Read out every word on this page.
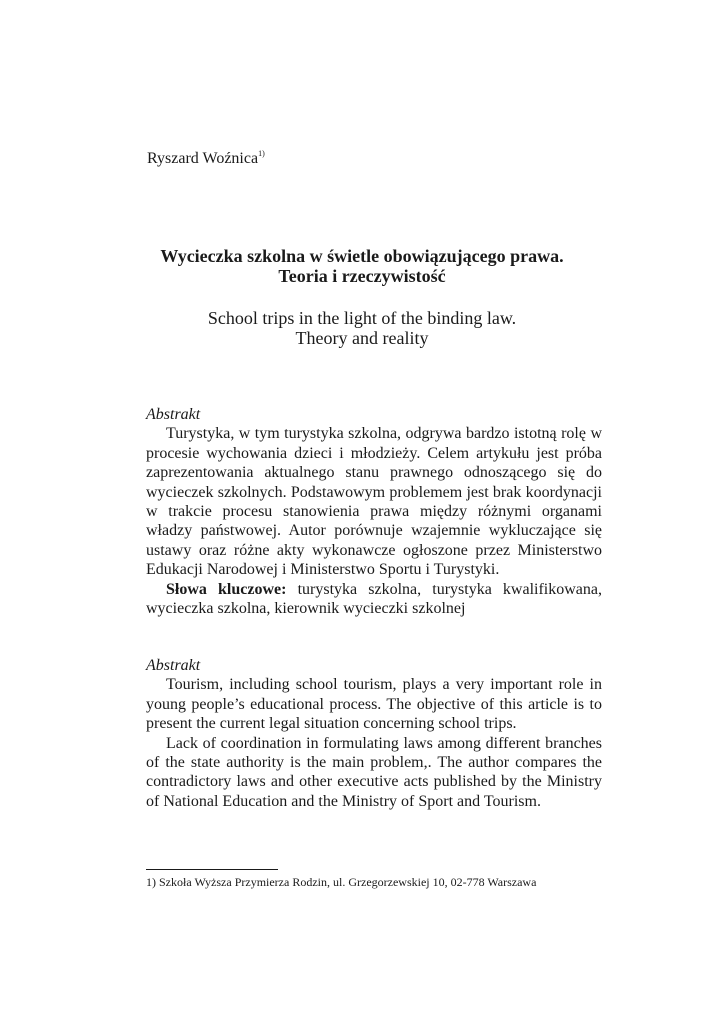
Ryszard Woźnica$^{1)}$
Wycieczka szkolna w świetle obowiązującego prawa.
Teoria i rzeczywistość
School trips in the light of the binding law.
Theory and reality
Abstrakt

Turystyka, w tym turystyka szkolna, odgrywa bardzo istotną rolę w procesie wychowania dzieci i młodzieży. Celem artykułu jest próba zaprezentowania aktualnego stanu prawnego odnoszącego się do wycieczek szkolnych. Podstawowym problemem jest brak koordynacji w trakcie procesu stanowienia prawa między różnymi organami władzy państwowej. Autor porównuje wzajemnie wykluczające się ustawy oraz różne akty wykonawcze ogłoszone przez Ministerstwo Edukacji Narodowej i Ministerstwo Sportu i Turystyki.

Słowa kluczowe: turystyka szkolna, turystyka kwalifikowana, wycieczka szkolna, kierownik wycieczki szkolnej

Abstrakt

Tourism, including school tourism, plays a very important role in young people’s educational process. The objective of this article is to present the current legal situation concerning school trips.

Lack of coordination in formulating laws among different branches of the state authority is the main problem,. The author compares the contradictory laws and other executive acts published by the Ministry of National Education and the Ministry of Sport and Tourism.

1) Szkoła Wyższa Przymierza Rodzin, ul. Grzegorzewskiej 10, 02-778 Warszawa
